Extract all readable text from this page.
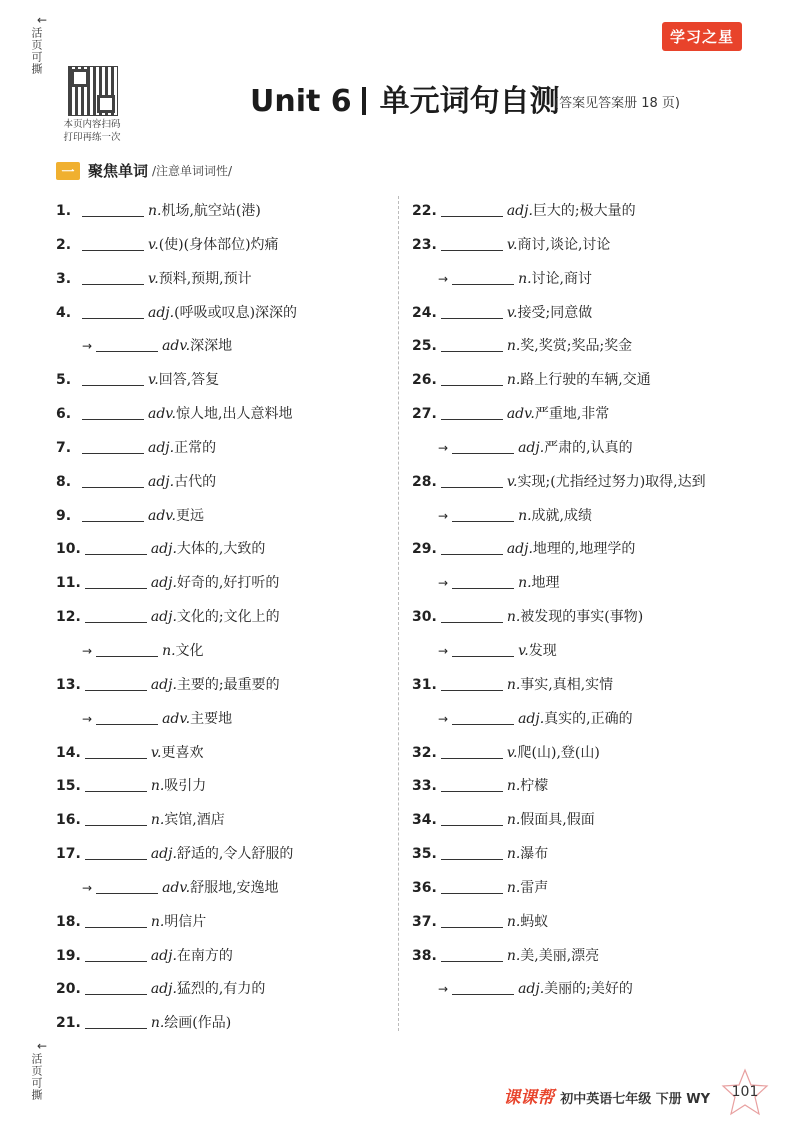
←
活页可撕
本页内容扫码
打印再练一次
学习之星
Unit 6 单元词句自测
(答案见答案册 18 页)
一 聚焦单词 /注意单词词性/
1.	n.机场,航空站(港)
2.	v.(使)(身体部位)灼痛
3.	v.预料,预期,预计
4.	adj.(呼吸或叹息)深深的
→	adv.深深地
5.	v.回答,答复
6.	adv.惊人地,出人意料地
7.	adj.正常的
8.	adj.古代的
9.	adv.更远
10.	adj.大体的,大致的
11.	adj.好奇的,好打听的
12.	adj.文化的;文化上的
→	n.文化
13.	adj.主要的;最重要的
→	adv.主要地
14.	v.更喜欢
15.	n.吸引力
16.	n.宾馆,酒店
17.	adj.舒适的,令人舒服的
→	adv.舒服地,安逸地
18.	n.明信片
19.	adj.在南方的
20.	adj.猛烈的,有力的
21.	n.绘画(作品)
22.	adj.巨大的;极大量的
23.	v.商讨,谈论,讨论
→	n.讨论,商讨
24.	v.接受;同意做
25.	n.奖,奖赏;奖品;奖金
26.	n.路上行驶的车辆,交通
27.	adv.严重地,非常
→	adj.严肃的,认真的
28.	v.实现;(尤指经过努力)取得,达到
→	n.成就,成绩
29.	adj.地理的,地理学的
→	n.地理
30.	n.被发现的事实(事物)
→	v.发现
31.	n.事实,真相,实情
→	adj.真实的,正确的
32.	v.爬(山),登(山)
33.	n.柠檬
34.	n.假面具,假面
35.	n.瀑布
36.	n.雷声
37.	n.蚂蚁
38.	n.美,美丽,漂亮
→	adj.美丽的;美好的
←
活页可撕	课课帮 初中英语七年级 下册 WY	101
